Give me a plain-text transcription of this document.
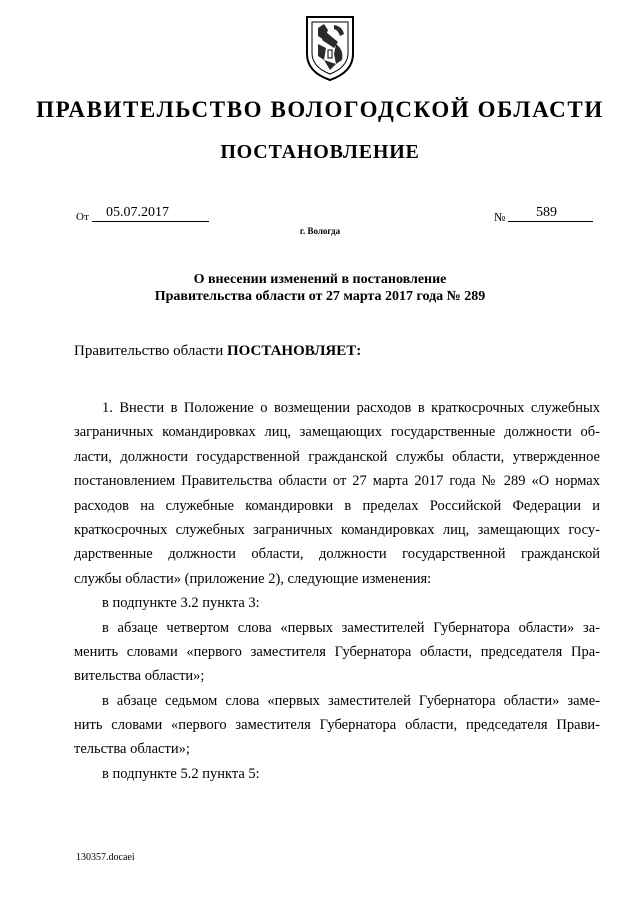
ПРАВИТЕЛЬСТВО ВОЛОГОДСКОЙ ОБЛАСТИ
ПОСТАНОВЛЕНИЕ
От	05.07.2017	№	589
г. Вологда
О внесении изменений в постановление
Правительства области от 27 марта 2017 года № 289
Правительство области ПОСТАНОВЛЯЕТ:
1. Внести в Положение о возмещении расходов в краткосрочных служебных
заграничных командировках лиц, замещающих государственные должности об-
ласти, должности государственной гражданской службы области, утвержденное
постановлением Правительства области от 27 марта 2017 года № 289 «О нормах
расходов на служебные командировки в пределах Российской Федерации и
краткосрочных служебных заграничных командировках лиц, замещающих госу-
дарственные должности области, должности государственной гражданской
службы области» (приложение 2), следующие изменения:
в подпункте 3.2 пункта 3:
в абзаце четвертом слова «первых заместителей Губернатора области» за-
менить словами «первого заместителя Губернатора области, председателя Пра-
вительства области»;
в абзаце седьмом слова «первых заместителей Губернатора области» заме-
нить словами «первого заместителя Губернатора области, председателя Прави-
тельства области»;
в подпункте 5.2 пункта 5:
130357.docaei
